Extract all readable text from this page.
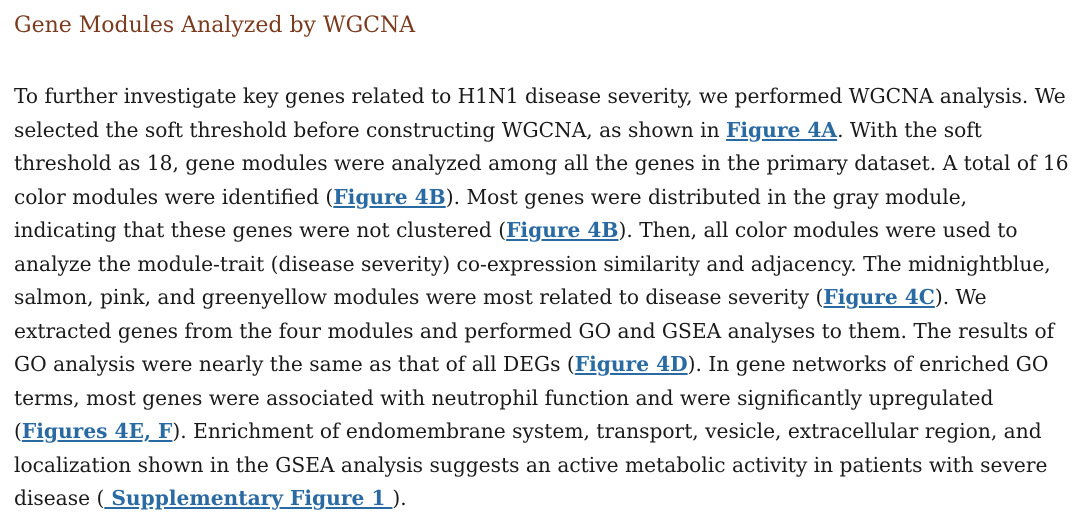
Gene Modules Analyzed by WGCNA

To further investigate key genes related to H1N1 disease severity, we performed WGCNA analysis. We selected the soft threshold before constructing WGCNA, as shown in Figure 4A. With the soft threshold as 18, gene modules were analyzed among all the genes in the primary dataset. A total of 16 color modules were identified (Figure 4B). Most genes were distributed in the gray module, indicating that these genes were not clustered (Figure 4B). Then, all color modules were used to analyze the module-trait (disease severity) co-expression similarity and adjacency. The midnightblue, salmon, pink, and greenyellow modules were most related to disease severity (Figure 4C). We extracted genes from the four modules and performed GO and GSEA analyses to them. The results of GO analysis were nearly the same as that of all DEGs (Figure 4D). In gene networks of enriched GO terms, most genes were associated with neutrophil function and were significantly upregulated (Figures 4E, F). Enrichment of endomembrane system, transport, vesicle, extracellular region, and localization shown in the GSEA analysis suggests an active metabolic activity in patients with severe disease ( Supplementary Figure 1 ).
